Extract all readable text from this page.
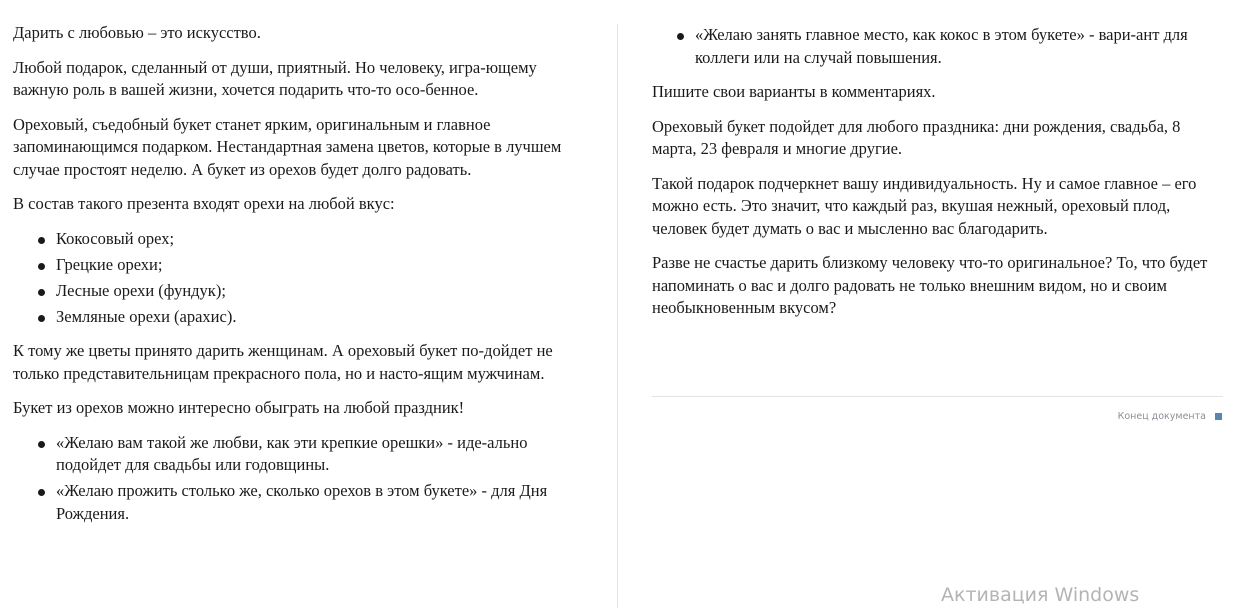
Дарить с любовью – это искусство.

Любой подарок, сделанный от души, приятный. Но человеку, игра-ющему важную роль в вашей жизни, хочется подарить что-то осо-бенное.

Ореховый, съедобный букет станет ярким, оригинальным и главное запоминающимся подарком. Нестандартная замена цветов, которые в лучшем случае простоят неделю. А букет из орехов будет долго радовать.

В состав такого презента входят орехи на любой вкус:

Кокосовый орех;
Грецкие орехи;
Лесные орехи (фундук);
Земляные орехи (арахис).

К тому же цветы принято дарить женщинам. А ореховый букет по-дойдет не только представительницам прекрасного пола, но и насто-ящим мужчинам.

Букет из орехов можно интересно обыграть на любой праздник!

«Желаю вам такой же любви, как эти крепкие орешки» - иде-ально подойдет для свадьбы или годовщины.
«Желаю прожить столько же, сколько орехов в этом букете» - для Дня Рождения.
«Желаю занять главное место, как кокос в этом букете» - вари-ант для коллеги или на случай повышения.

Пишите свои варианты в комментариях.

Ореховый букет подойдет для любого праздника: дни рождения, свадьба, 8 марта, 23 февраля и многие другие.

Такой подарок подчеркнет вашу индивидуальность. Ну и самое главное – его можно есть. Это значит, что каждый раз, вкушая нежный, ореховый плод, человек будет думать о вас и мысленно вас благодарить.

Разве не счастье дарить близкому человеку что-то оригинальное? То, что будет напоминать о вас и долго радовать не только внешним видом, но и своим необыкновенным вкусом?

Конец документа
Активация Windows
